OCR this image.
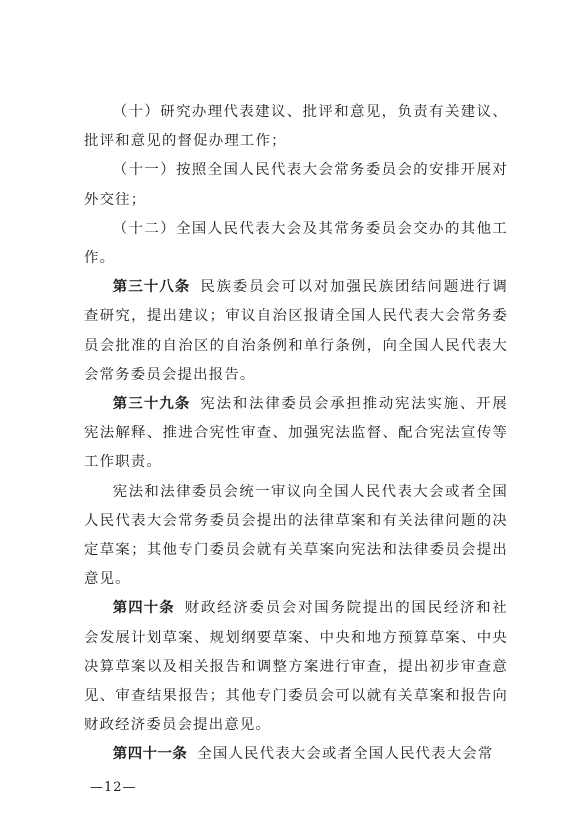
（十）研究办理代表建议、批评和意见，负责有关建议、批评和意见的督促办理工作；

（十一）按照全国人民代表大会常务委员会的安排开展对外交往；

（十二）全国人民代表大会及其常务委员会交办的其他工作。

第三十八条 民族委员会可以对加强民族团结问题进行调查研究，提出建议；审议自治区报请全国人民代表大会常务委员会批准的自治区的自治条例和单行条例，向全国人民代表大会常务委员会提出报告。

第三十九条 宪法和法律委员会承担推动宪法实施、开展宪法解释、推进合宪性审查、加强宪法监督、配合宪法宣传等工作职责。

宪法和法律委员会统一审议向全国人民代表大会或者全国人民代表大会常务委员会提出的法律草案和有关法律问题的决定草案；其他专门委员会就有关草案向宪法和法律委员会提出意见。

第四十条 财政经济委员会对国务院提出的国民经济和社会发展计划草案、规划纲要草案、中央和地方预算草案、中央决算草案以及相关报告和调整方案进行审查，提出初步审查意见、审查结果报告；其他专门委员会可以就有关草案和报告向财政经济委员会提出意见。

第四十一条 全国人民代表大会或者全国人民代表大会常

—12—
